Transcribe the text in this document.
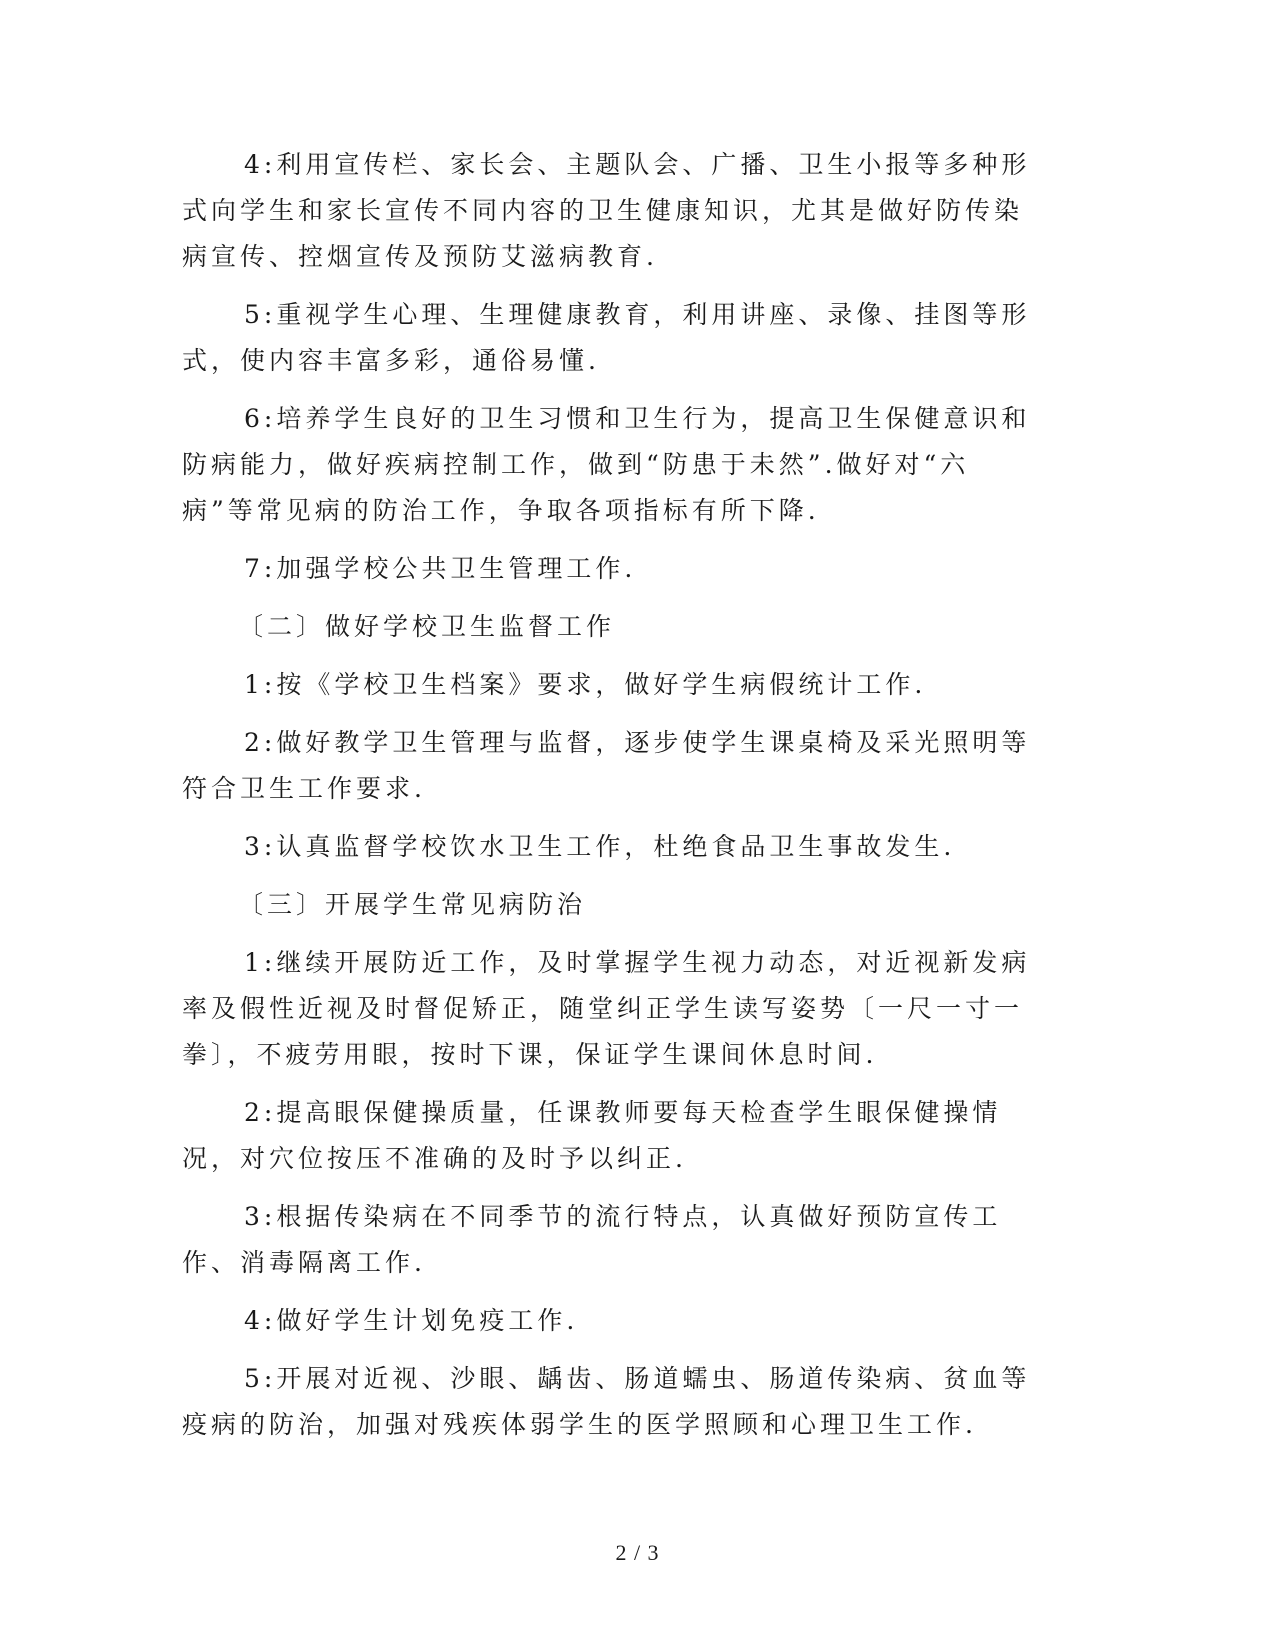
4:利用宣传栏、家长会、主题队会、广播、卫生小报等多种形式向学生和家长宣传不同内容的卫生健康知识，尤其是做好防传染病宣传、控烟宣传及预防艾滋病教育.

5:重视学生心理、生理健康教育，利用讲座、录像、挂图等形式，使内容丰富多彩，通俗易懂.

6:培养学生良好的卫生习惯和卫生行为，提高卫生保健意识和防病能力，做好疾病控制工作，做到“防患于未然”.做好对“六病”等常见病的防治工作，争取各项指标有所下降.

7:加强学校公共卫生管理工作.

〔二〕做好学校卫生监督工作

1:按《学校卫生档案》要求，做好学生病假统计工作.

2:做好教学卫生管理与监督，逐步使学生课桌椅及采光照明等符合卫生工作要求.

3:认真监督学校饮水卫生工作，杜绝食品卫生事故发生.

〔三〕开展学生常见病防治

1:继续开展防近工作，及时掌握学生视力动态，对近视新发病率及假性近视及时督促矫正，随堂纠正学生读写姿势〔一尺一寸一拳〕，不疲劳用眼，按时下课，保证学生课间休息时间.

2:提高眼保健操质量，任课教师要每天检查学生眼保健操情况，对穴位按压不准确的及时予以纠正.

3:根据传染病在不同季节的流行特点，认真做好预防宣传工作、消毒隔离工作.

4:做好学生计划免疫工作.

5:开展对近视、沙眼、龋齿、肠道蠕虫、肠道传染病、贫血等疫病的防治，加强对残疾体弱学生的医学照顾和心理卫生工作.

2 / 3
